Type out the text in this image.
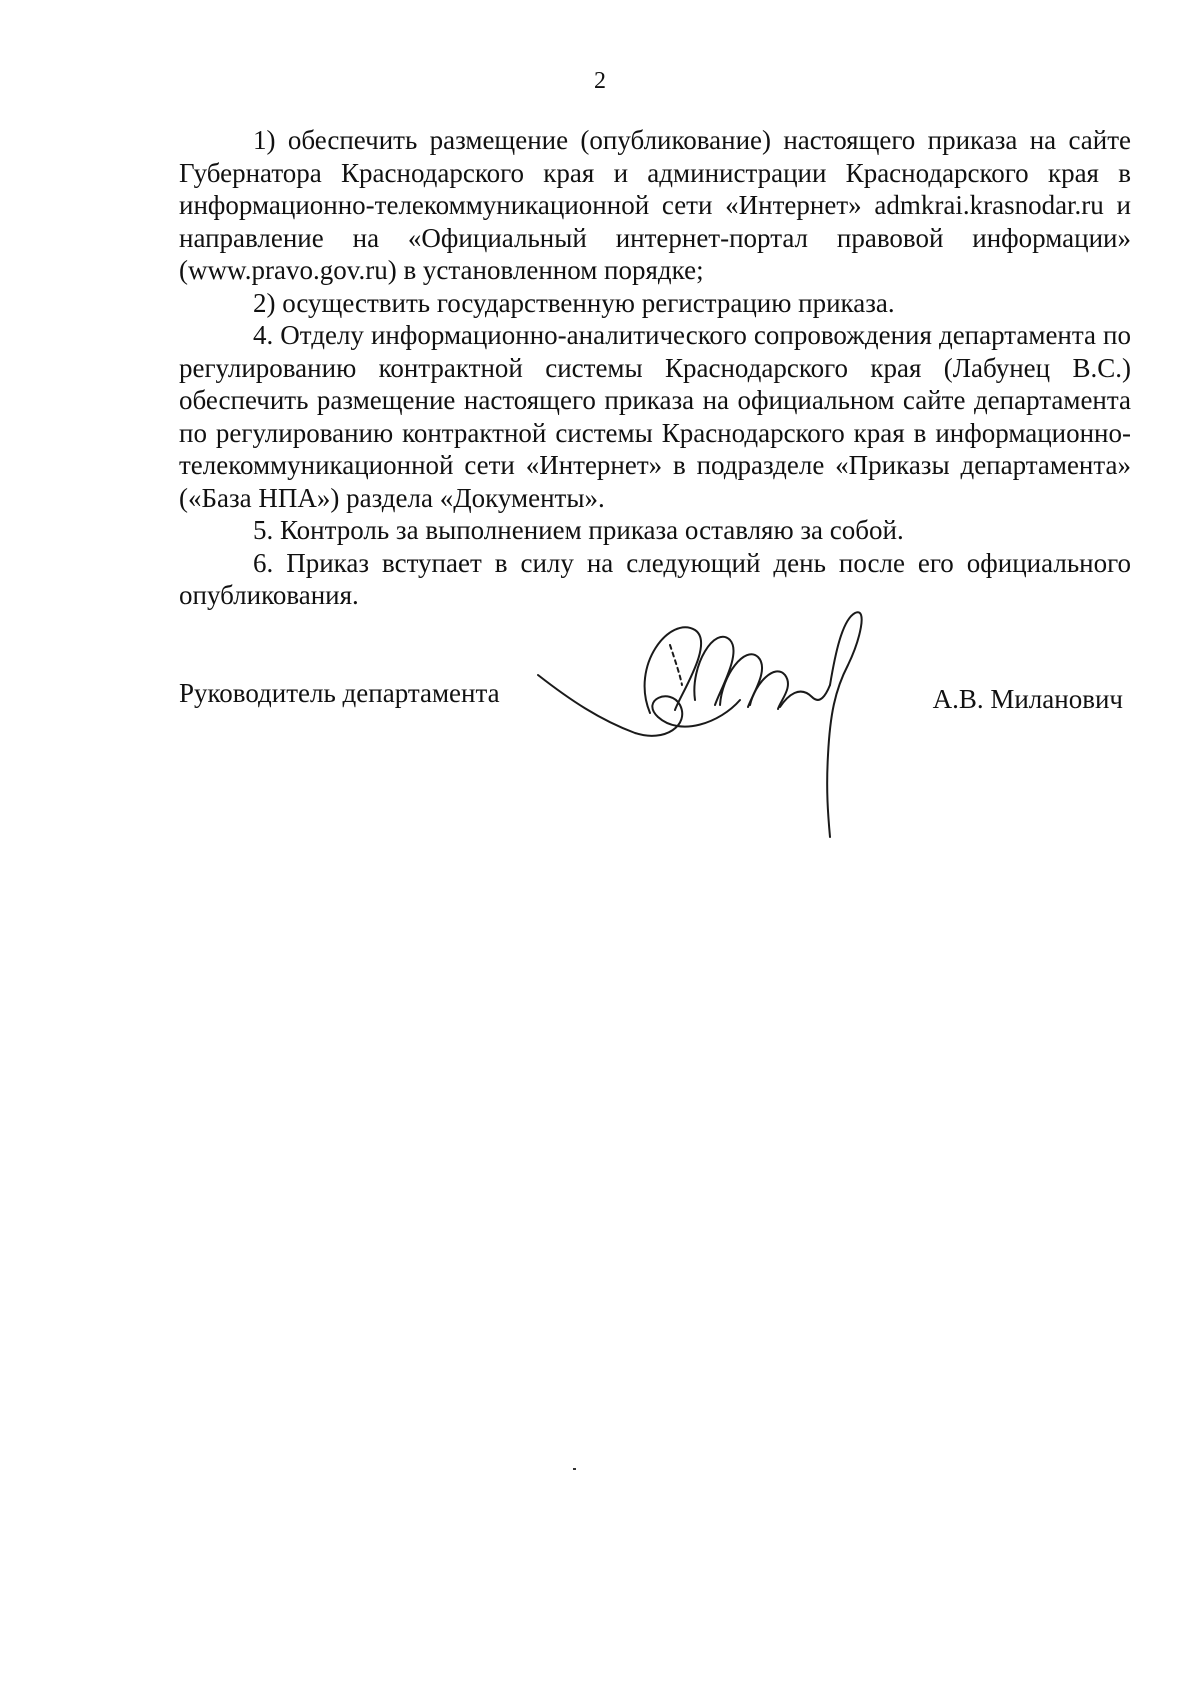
2

1) обеспечить размещение (опубликование) настоящего приказа на сайте Губернатора Краснодарского края и администрации Краснодарского края в информационно-телекоммуникационной сети «Интернет» admkrai.krasnodar.ru и направление на «Официальный интернет-портал правовой информации» (www.pravo.gov.ru) в установленном порядке;

2) осуществить государственную регистрацию приказа.

4. Отделу информационно-аналитического сопровождения департамента по регулированию контрактной системы Краснодарского края (Лабунец В.С.) обеспечить размещение настоящего приказа на официальном сайте департамента по регулированию контрактной системы Краснодарского края в информационно-телекоммуникационной сети «Интернет» в подразделе «Приказы департамента» («База НПА») раздела «Документы».

5. Контроль за выполнением приказа оставляю за собой.

6. Приказ вступает в силу на следующий день после его официального опубликования.

Руководитель департамента	А.В. Миланович
